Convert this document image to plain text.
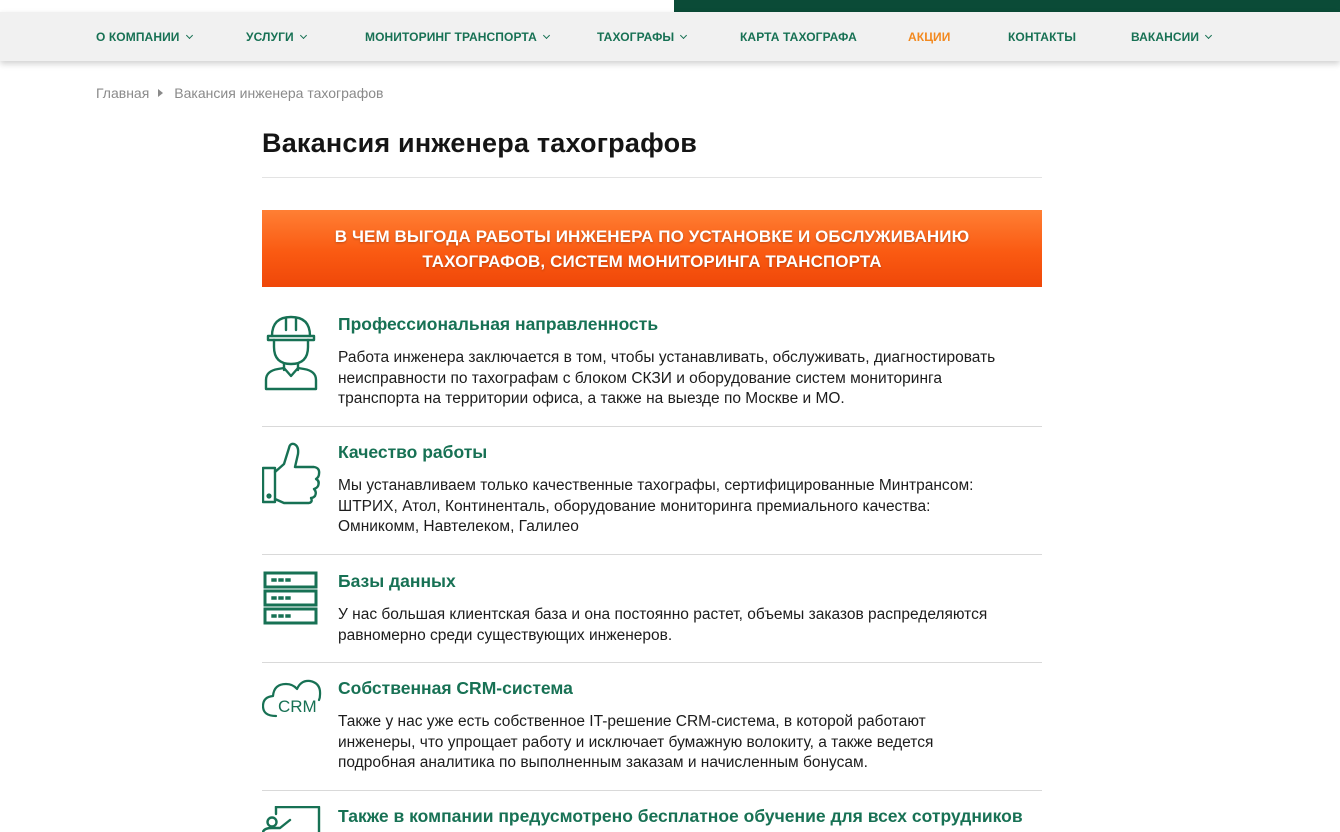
О КОМПАНИИ	УСЛУГИ	МОНИТОРИНГ ТРАНСПОРТА	ТАХОГРАФЫ	КАРТА ТАХОГРАФА	АКЦИИ	КОНТАКТЫ	ВАКАНСИИ
Главная Вакансия инженера тахографов
Вакансия инженера тахографов
В ЧЕМ ВЫГОДА РАБОТЫ ИНЖЕНЕРА ПО УСТАНОВКЕ И ОБСЛУЖИВАНИЮ
ТАХОГРАФОВ, СИСТЕМ МОНИТОРИНГА ТРАНСПОРТА
Профессиональная направленность
Работа инженера заключается в том, чтобы устанавливать, обслуживать, диагностировать
неисправности по тахографам с блоком СКЗИ и оборудование систем мониторинга
транспорта на территории офиса, а также на выезде по Москве и МО.
Качество работы
Мы устанавливаем только качественные тахографы, сертифицированные Минтрансом:
ШТРИХ, Атол, Континенталь, оборудование мониторинга премиального качества:
Омникомм, Навтелеком, Галилео
Базы данных
У нас большая клиентская база и она постоянно растет, объемы заказов распределяются
равномерно среди существующих инженеров.
CRM
Собственная CRM-система
Также у нас уже есть собственное IT-решение CRM-система, в которой работают
инженеры, что упрощает работу и исключает бумажную волокиту, а также ведется
подробная аналитика по выполненным заказам и начисленным бонусам.
Также в компании предусмотрено бесплатное обучение для всех сотрудников
